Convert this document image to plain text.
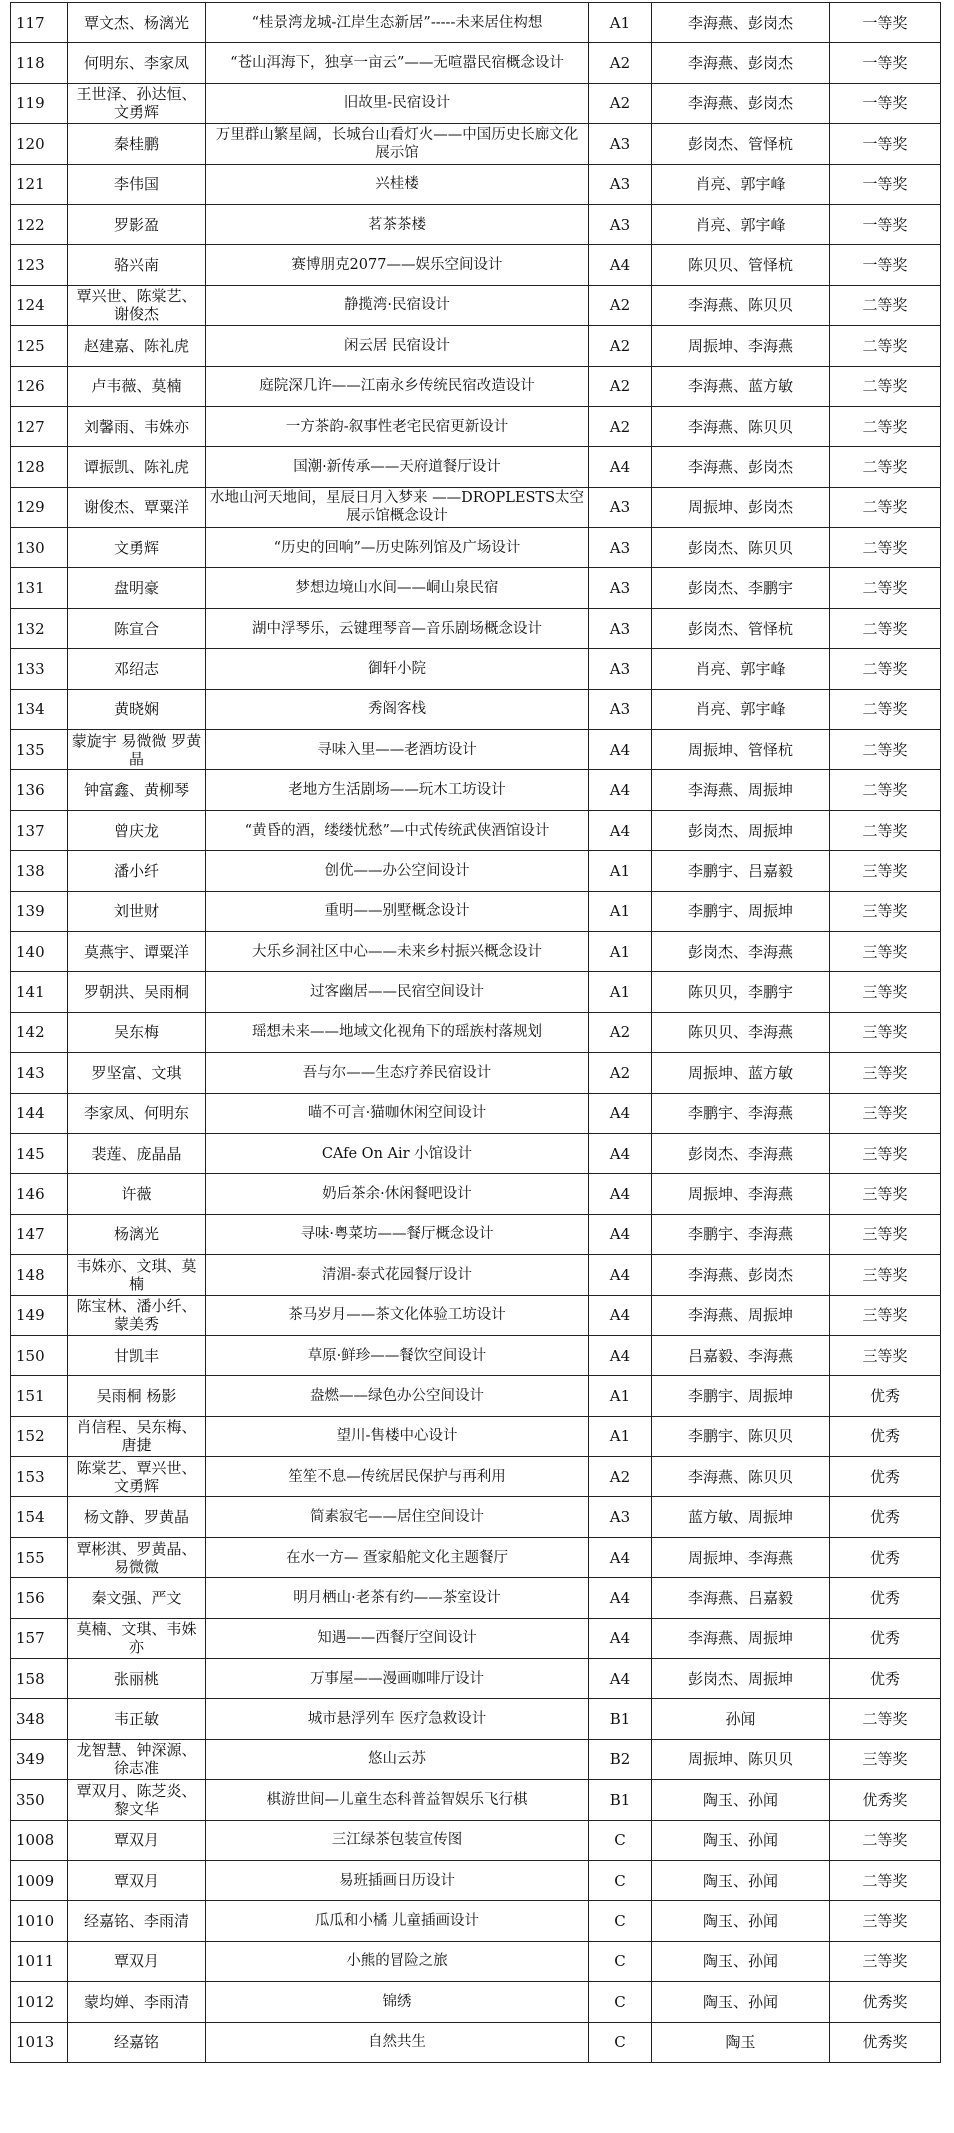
117	覃文杰、杨漓光	“桂景湾龙城-江岸生态新居”-----未来居住构想	A1	李海燕、彭岗杰	一等奖
118	何明东、李家凤	“苍山洱海下，独享一亩云”——无喧嚣民宿概念设计	A2	李海燕、彭岗杰	一等奖
119	王世泽、孙达恒、文勇辉	旧故里-民宿设计	A2	李海燕、彭岗杰	一等奖
120	秦桂鹏	万里群山繁星阔，长城台山看灯火——中国历史长廊文化展示馆	A3	彭岗杰、管怿杭	一等奖
121	李伟国	兴桂楼	A3	肖亮、郭宇峰	一等奖
122	罗影盈	茗茶茶楼	A3	肖亮、郭宇峰	一等奖
123	骆兴南	赛博朋克2077——娱乐空间设计	A4	陈贝贝、管怿杭	一等奖
124	覃兴世、陈棠艺、谢俊杰	静揽湾·民宿设计	A2	李海燕、陈贝贝	二等奖
125	赵建嘉、陈礼虎	闲云居 民宿设计	A2	周振坤、李海燕	二等奖
126	卢韦薇、莫楠	庭院深几许——江南永乡传统民宿改造设计	A2	李海燕、蓝方敏	二等奖
127	刘馨雨、韦姝亦	一方茶韵-叙事性老宅民宿更新设计	A2	李海燕、陈贝贝	二等奖
128	谭振凯、陈礼虎	国潮·新传承——天府道餐厅设计	A4	李海燕、彭岗杰	二等奖
129	谢俊杰、覃粟洋	水地山河天地间，星辰日月入梦来 ——DROPLESTS太空展示馆概念设计	A3	周振坤、彭岗杰	二等奖
130	文勇辉	“历史的回响”—历史陈列馆及广场设计	A3	彭岗杰、陈贝贝	二等奖
131	盘明豪	梦想边境山水间——峒山泉民宿	A3	彭岗杰、李鹏宇	二等奖
132	陈宣合	湖中浮琴乐，云键理琴音—音乐剧场概念设计	A3	彭岗杰、管怿杭	二等奖
133	邓绍志	御轩小院	A3	肖亮、郭宇峰	二等奖
134	黄晓娴	秀阁客栈	A3	肖亮、郭宇峰	二等奖
135	蒙旋宇 易微微 罗黄晶	寻味入里——老酒坊设计	A4	周振坤、管怿杭	二等奖
136	钟富鑫、黄柳琴	老地方生活剧场——玩木工坊设计	A4	李海燕、周振坤	二等奖
137	曾庆龙	“黄昏的酒，缕缕忧愁”—中式传统武侠酒馆设计	A4	彭岗杰、周振坤	二等奖
138	潘小纤	创优——办公空间设计	A1	李鹏宇、吕嘉毅	三等奖
139	刘世财	重明——别墅概念设计	A1	李鹏宇、周振坤	三等奖
140	莫燕宇、谭粟洋	大乐乡洞社区中心——未来乡村振兴概念设计	A1	彭岗杰、李海燕	三等奖
141	罗朝洪、吴雨桐	过客幽居——民宿空间设计	A1	陈贝贝，李鹏宇	三等奖
142	吴东梅	瑶想未来——地域文化视角下的瑶族村落规划	A2	陈贝贝、李海燕	三等奖
143	罗坚富、文琪	吾与尔——生态疗养民宿设计	A2	周振坤、蓝方敏	三等奖
144	李家凤、何明东	喵不可言·猫咖休闲空间设计	A4	李鹏宇、李海燕	三等奖
145	裴莲、庞晶晶	CAfe On Air 小馆设计	A4	彭岗杰、李海燕	三等奖
146	许薇	奶后茶余·休闲餐吧设计	A4	周振坤、李海燕	三等奖
147	杨漓光	寻味·粤菜坊——餐厅概念设计	A4	李鹏宇、李海燕	三等奖
148	韦姝亦、文琪、莫楠	清湄-泰式花园餐厅设计	A4	李海燕、彭岗杰	三等奖
149	陈宝林、潘小纤、蒙美秀	茶马岁月——茶文化体验工坊设计	A4	李海燕、周振坤	三等奖
150	甘凯丰	草原·鲜珍——餐饮空间设计	A4	吕嘉毅、李海燕	三等奖
151	吴雨桐 杨影	盎燃——绿色办公空间设计	A1	李鹏宇、周振坤	优秀
152	肖信程、吴东梅、唐捷	望川-售楼中心设计	A1	李鹏宇、陈贝贝	优秀
153	陈棠艺、覃兴世、文勇辉	笙笙不息—传统居民保护与再利用	A2	李海燕、陈贝贝	优秀
154	杨文静、罗黄晶	简素寂宅——居住空间设计	A3	蓝方敏、周振坤	优秀
155	覃彬淇、罗黄晶、易微微	在水一方— 疍家船舵文化主题餐厅	A4	周振坤、李海燕	优秀
156	秦文强、严文	明月栖山·老茶有约——茶室设计	A4	李海燕、吕嘉毅	优秀
157	莫楠、文琪、韦姝亦	知遇——西餐厅空间设计	A4	李海燕、周振坤	优秀
158	张丽桃	万事屋——漫画咖啡厅设计	A4	彭岗杰、周振坤	优秀
348	韦正敏	城市悬浮列车 医疗急救设计	B1	孙闻	二等奖
349	龙智慧、钟深源、徐志准	悠山云苏	B2	周振坤、陈贝贝	三等奖
350	覃双月、陈芝炎、黎文华	棋游世间—儿童生态科普益智娱乐飞行棋	B1	陶玉、孙闻	优秀奖
1008	覃双月	三江绿茶包装宣传图	C	陶玉、孙闻	二等奖
1009	覃双月	易班插画日历设计	C	陶玉、孙闻	二等奖
1010	经嘉铭、李雨清	瓜瓜和小橘 儿童插画设计	C	陶玉、孙闻	三等奖
1011	覃双月	小熊的冒险之旅	C	陶玉、孙闻	三等奖
1012	蒙均婵、李雨清	锦绣	C	陶玉、孙闻	优秀奖
1013	经嘉铭	自然共生	C	陶玉	优秀奖
